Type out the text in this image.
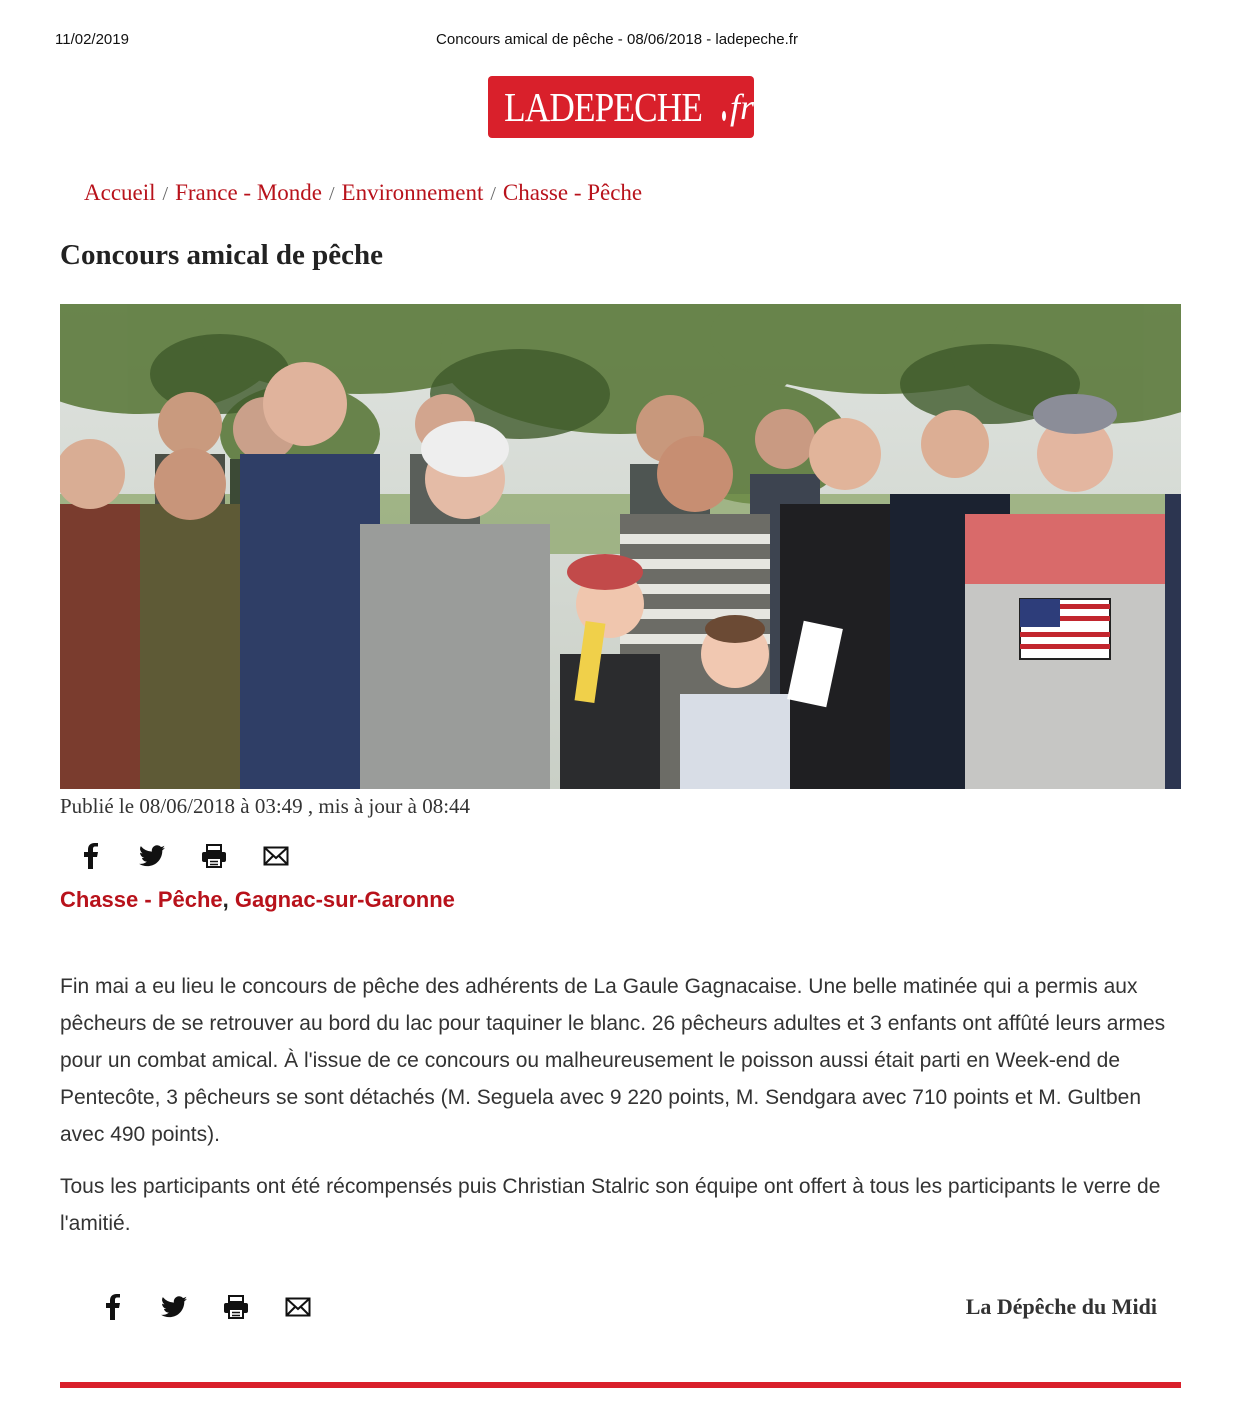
11/02/2019	Concours amical de pêche - 08/06/2018 - ladepeche.fr
LADEPECHE fr
Accueil / France - Monde / Environnement / Chasse - Pêche
Concours amical de pêche
Publié le 08/06/2018 à 03:49 , mis à jour à 08:44
Chasse - Pêche, Gagnac-sur-Garonne

Fin mai a eu lieu le concours de pêche des adhérents de La Gaule Gagnacaise. Une belle matinée qui a permis aux pêcheurs de se retrouver au bord du lac pour taquiner le blanc. 26 pêcheurs adultes et 3 enfants ont affûté leurs armes pour un combat amical. À l'issue de ce concours ou malheureusement le poisson aussi était parti en Week-end de Pentecôte, 3 pêcheurs se sont détachés (M. Seguela avec 9 220 points, M. Sendgara avec 710 points et M. Gultben avec 490 points).

Tous les participants ont été récompensés puis Christian Stalric son équipe ont offert à tous les participants le verre de l'amitié.

La Dépêche du Midi
